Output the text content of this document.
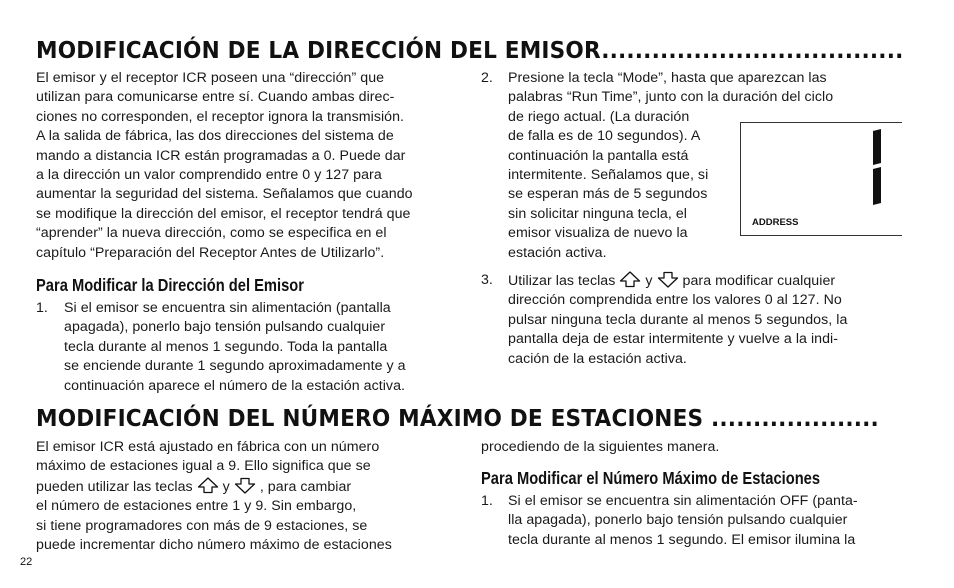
MODIFICACIÓN DE LA DIRECCIÓN DEL EMISOR....................................
El emisor y el receptor ICR poseen una “dirección” que
utilizan para comunicarse entre sí. Cuando ambas direc-
ciones no corresponden, el receptor ignora la transmisión.
A la salida de fábrica, las dos direcciones del sistema de
mando a distancia ICR están programadas a 0. Puede dar
a la dirección un valor comprendido entre 0 y 127 para
aumentar la seguridad del sistema. Señalamos que cuando
se modifique la dirección del emisor, el receptor tendrá que
“aprender” la nueva dirección, como se especifica en el
capítulo “Preparación del Receptor Antes de Utilizarlo”.
Para Modificar la Dirección del Emisor
1. Si el emisor se encuentra sin alimentación (pantalla
apagada), ponerlo bajo tensión pulsando cualquier
tecla durante al menos 1 segundo. Toda la pantalla
se enciende durante 1 segundo aproximadamente y a
continuación aparece el número de la estación activa.
2. Presione la tecla “Mode”, hasta que aparezcan las
palabras “Run Time”, junto con la duración del ciclo
de riego actual. (La duración
de falla es de 10 segundos). A
continuación la pantalla está
intermitente. Señalamos que, si
se esperan más de 5 segundos
sin solicitar ninguna tecla, el
emisor visualiza de nuevo la
estación activa.
ADDRESS
3. Utilizar las teclas y para modificar cualquier
dirección comprendida entre los valores 0 al 127. No
pulsar ninguna tecla durante al menos 5 segundos, la
pantalla deja de estar intermitente y vuelve a la indi-
cación de la estación activa.
MODIFICACIÓN DEL NÚMERO MÁXIMO DE ESTACIONES ....................
El emisor ICR está ajustado en fábrica con un número
máximo de estaciones igual a 9. Ello significa que se
pueden utilizar las teclas y , para cambiar
el número de estaciones entre 1 y 9. Sin embargo,
si tiene programadores con más de 9 estaciones, se
puede incrementar dicho número máximo de estaciones
procediendo de la siguientes manera.
Para Modificar el Número Máximo de Estaciones
1. Si el emisor se encuentra sin alimentación OFF (panta-
lla apagada), ponerlo bajo tensión pulsando cualquier
tecla durante al menos 1 segundo. El emisor ilumina la
22
